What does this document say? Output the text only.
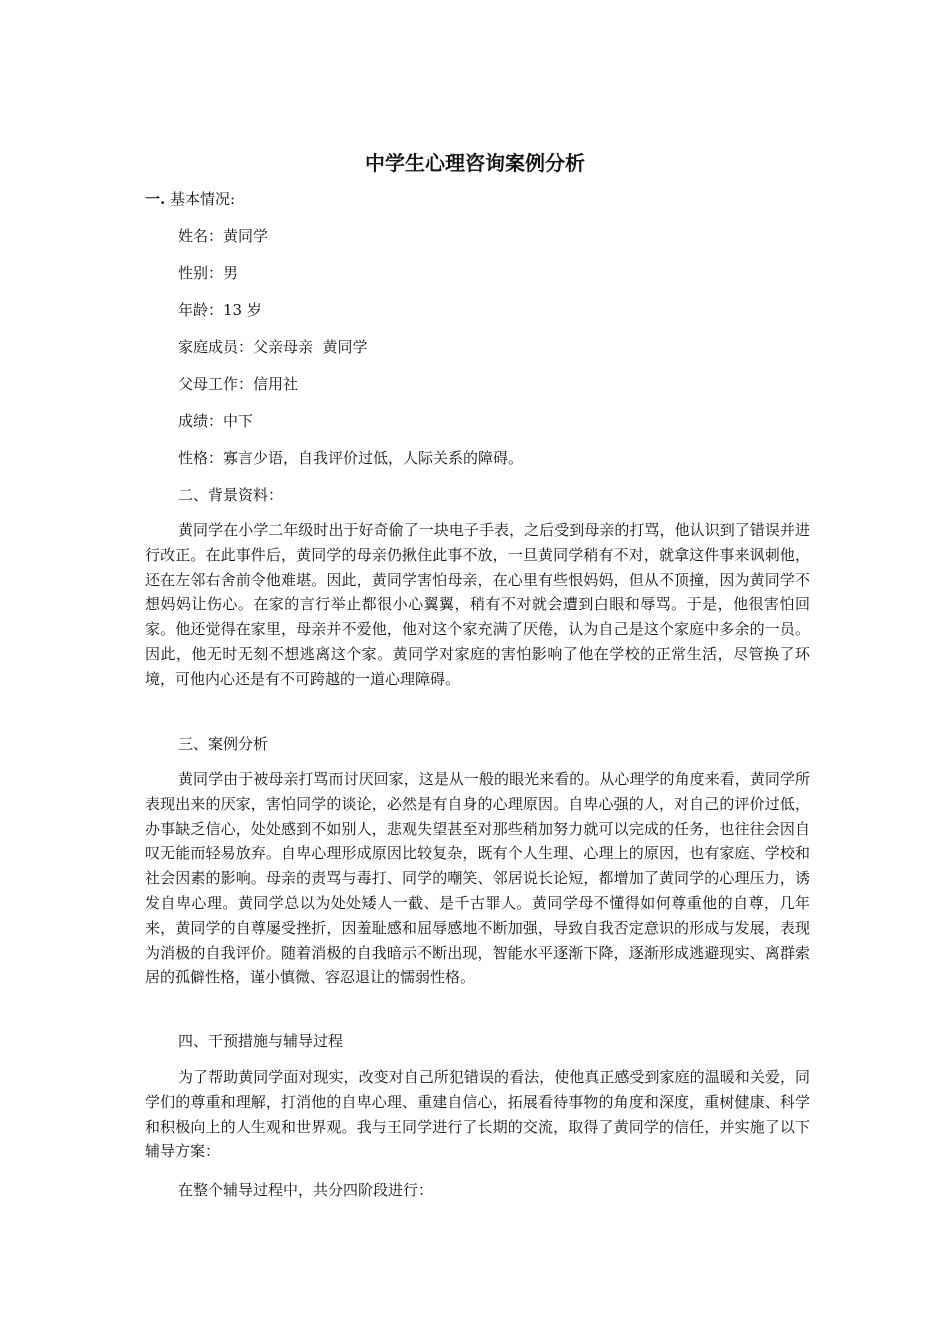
中学生心理咨询案例分析
一. 基本情况:
姓名：黄同学
性别：男
年龄：13 岁
家庭成员：父亲母亲  黄同学
父母工作：信用社
成绩：中下
性格：寡言少语，自我评价过低，人际关系的障碍。
二、背景资料：
黄同学在小学二年级时出于好奇偷了一块电子手表，之后受到母亲的打骂，他认识到了错误并进行改正。在此事件后，黄同学的母亲仍揪住此事不放，一旦黄同学稍有不对，就拿这件事来讽刺他，还在左邻右舍前令他难堪。因此，黄同学害怕母亲，在心里有些恨妈妈，但从不顶撞，因为黄同学不想妈妈让伤心。在家的言行举止都很小心翼翼，稍有不对就会遭到白眼和辱骂。于是，他很害怕回家。他还觉得在家里，母亲并不爱他，他对这个家充满了厌倦，认为自己是这个家庭中多余的一员。因此，他无时无刻不想逃离这个家。黄同学对家庭的害怕影响了他在学校的正常生活，尽管换了环境，可他内心还是有不可跨越的一道心理障碍。
三、案例分析
黄同学由于被母亲打骂而讨厌回家，这是从一般的眼光来看的。从心理学的角度来看，黄同学所表现出来的厌家，害怕同学的谈论，必然是有自身的心理原因。自卑心强的人，对自己的评价过低，办事缺乏信心，处处感到不如别人，悲观失望甚至对那些稍加努力就可以完成的任务，也往往会因自叹无能而轻易放弃。自卑心理形成原因比较复杂，既有个人生理、心理上的原因，也有家庭、学校和社会因素的影响。母亲的责骂与毒打、同学的嘲笑、邻居说长论短，都增加了黄同学的心理压力，诱发自卑心理。黄同学总以为处处矮人一截、是千古罪人。黄同学母不懂得如何尊重他的自尊，几年来，黄同学的自尊屡受挫折，因羞耻感和屈辱感地不断加强，导致自我否定意识的形成与发展，表现为消极的自我评价。随着消极的自我暗示不断出现，智能水平逐渐下降，逐渐形成逃避现实、离群索居的孤僻性格，谨小慎微、容忍退让的懦弱性格。
四、干预措施与辅导过程
为了帮助黄同学面对现实，改变对自己所犯错误的看法，使他真正感受到家庭的温暖和关爱，同学们的尊重和理解，打消他的自卑心理、重建自信心，拓展看待事物的角度和深度，重树健康、科学和积极向上的人生观和世界观。我与王同学进行了长期的交流，取得了黄同学的信任，并实施了以下辅导方案：
在整个辅导过程中，共分四阶段进行：
